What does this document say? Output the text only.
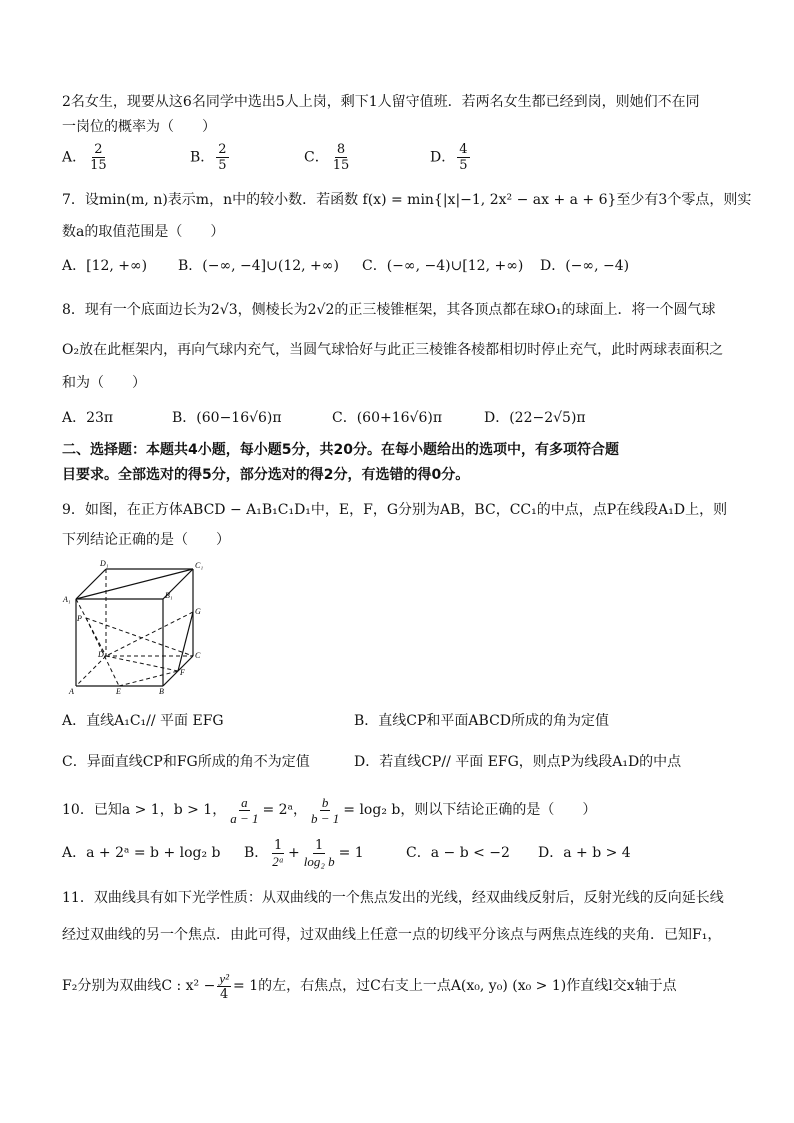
2名女生，现要从这6名同学中选出5人上岗，剩下1人留守值班．若两名女生都已经到岗，则她们不在同
一岗位的概率为（　　）
A． $\frac{2}{15}$	B． $\frac{2}{5}$	C． $\frac{8}{15}$	D． $\frac{4}{5}$
7．设min(m, n)表示m，n中的较小数．若函数 f(x) = min{|x|−1, 2x² − ax + a + 6}至少有3个零点，则实
数a的取值范围是（　　）
A．[12, +∞) B．(−∞, −4]∪(12, +∞) C．(−∞, −4)∪[12, +∞) D．(−∞, −4)
8．现有一个底面边长为2√3，侧棱长为2√2的正三棱锥框架，其各顶点都在球O₁的球面上．将一个圆气球
O₂放在此框架内，再向气球内充气，当圆气球恰好与此正三棱锥各棱都相切时停止充气，此时两球表面积之
和为（　　）
A．23π	B．(60−16√6)π	C．(60+16√6)π	D．(22−2√5)π
二、选择题：本题共4小题，每小题5分，共20分。在每小题给出的选项中，有多项符合题
目要求。全部选对的得5分，部分选对的得2分，有选错的得0分。
9．如图，在正方体ABCD − A₁B₁C₁D₁中，E，F，G分别为AB，BC，CC₁的中点，点P在线段A₁D上，则
下列结论正确的是（　　）
D₁	C₁
A₁	B₁
P
G
D	C
A	E	B
F
A．直线A₁C₁// 平面 EFG	B．直线CP和平面ABCD所成的角为定值
C．异面直线CP和FG所成的角不为定值	D．若直线CP// 平面 EFG，则点P为线段A₁D的中点
10．已知a > 1，b > 1， $\frac{a}{a - 1}$ = 2ᵃ， $\frac{b}{b - 1} = \log_2$ b，则以下结论正确的是（　　）
A．a + 2ᵃ = b + log₂ b B． $\frac{1}{\text{2ᵃ}} + \frac{1}{\text{log₂ b}} = 1$	C．a − b < −2 D．a + b > 4
11．双曲线具有如下光学性质：从双曲线的一个焦点发出的光线，经双曲线反射后，反射光线的反向延长线
经过双曲线的另一个焦点．由此可得，过双曲线上任意一点的切线平分该点与两焦点连线的夹角．已知F₁，
F₂分别为双曲线C : $x^2 - \frac{\text{y²}}{4} = 1$的左，右焦点，过C右支上一点A(x₀, y₀) (x₀ > 1)作直线l交x轴于点
